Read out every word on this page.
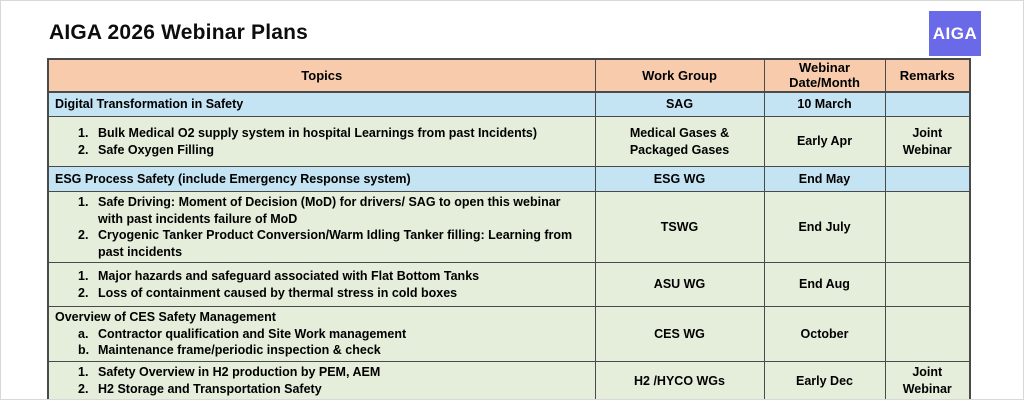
AIGA 2026 Webinar Plans	AIGA
Topics	Work Group	Webinar Date/Month	Remarks

Digital Transformation in Safety	SAG	10 March	

1. Bulk Medical O2 supply system in hospital Learnings from past Incidents)
2. Safe Oxygen Filling	Medical Gases & Packaged Gases	Early Apr	Joint Webinar

ESG Process Safety (include Emergency Response system)	ESG WG	End May	

1. Safe Driving: Moment of Decision (MoD) for drivers/ SAG to open this webinar with past incidents failure of MoD
2. Cryogenic Tanker Product Conversion/Warm Idling Tanker filling: Learning from past incidents	TSWG	End July	

1. Major hazards and safeguard associated with Flat Bottom Tanks
2. Loss of containment caused by thermal stress in cold boxes	ASU WG	End Aug	

Overview of CES Safety Management
a. Contractor qualification and Site Work management
b. Maintenance frame/periodic inspection & check	CES WG	October	

1. Safety Overview in H2 production by PEM, AEM
2. H2 Storage and Transportation Safety	H2 /HYCO WGs	Early Dec	Joint Webinar
